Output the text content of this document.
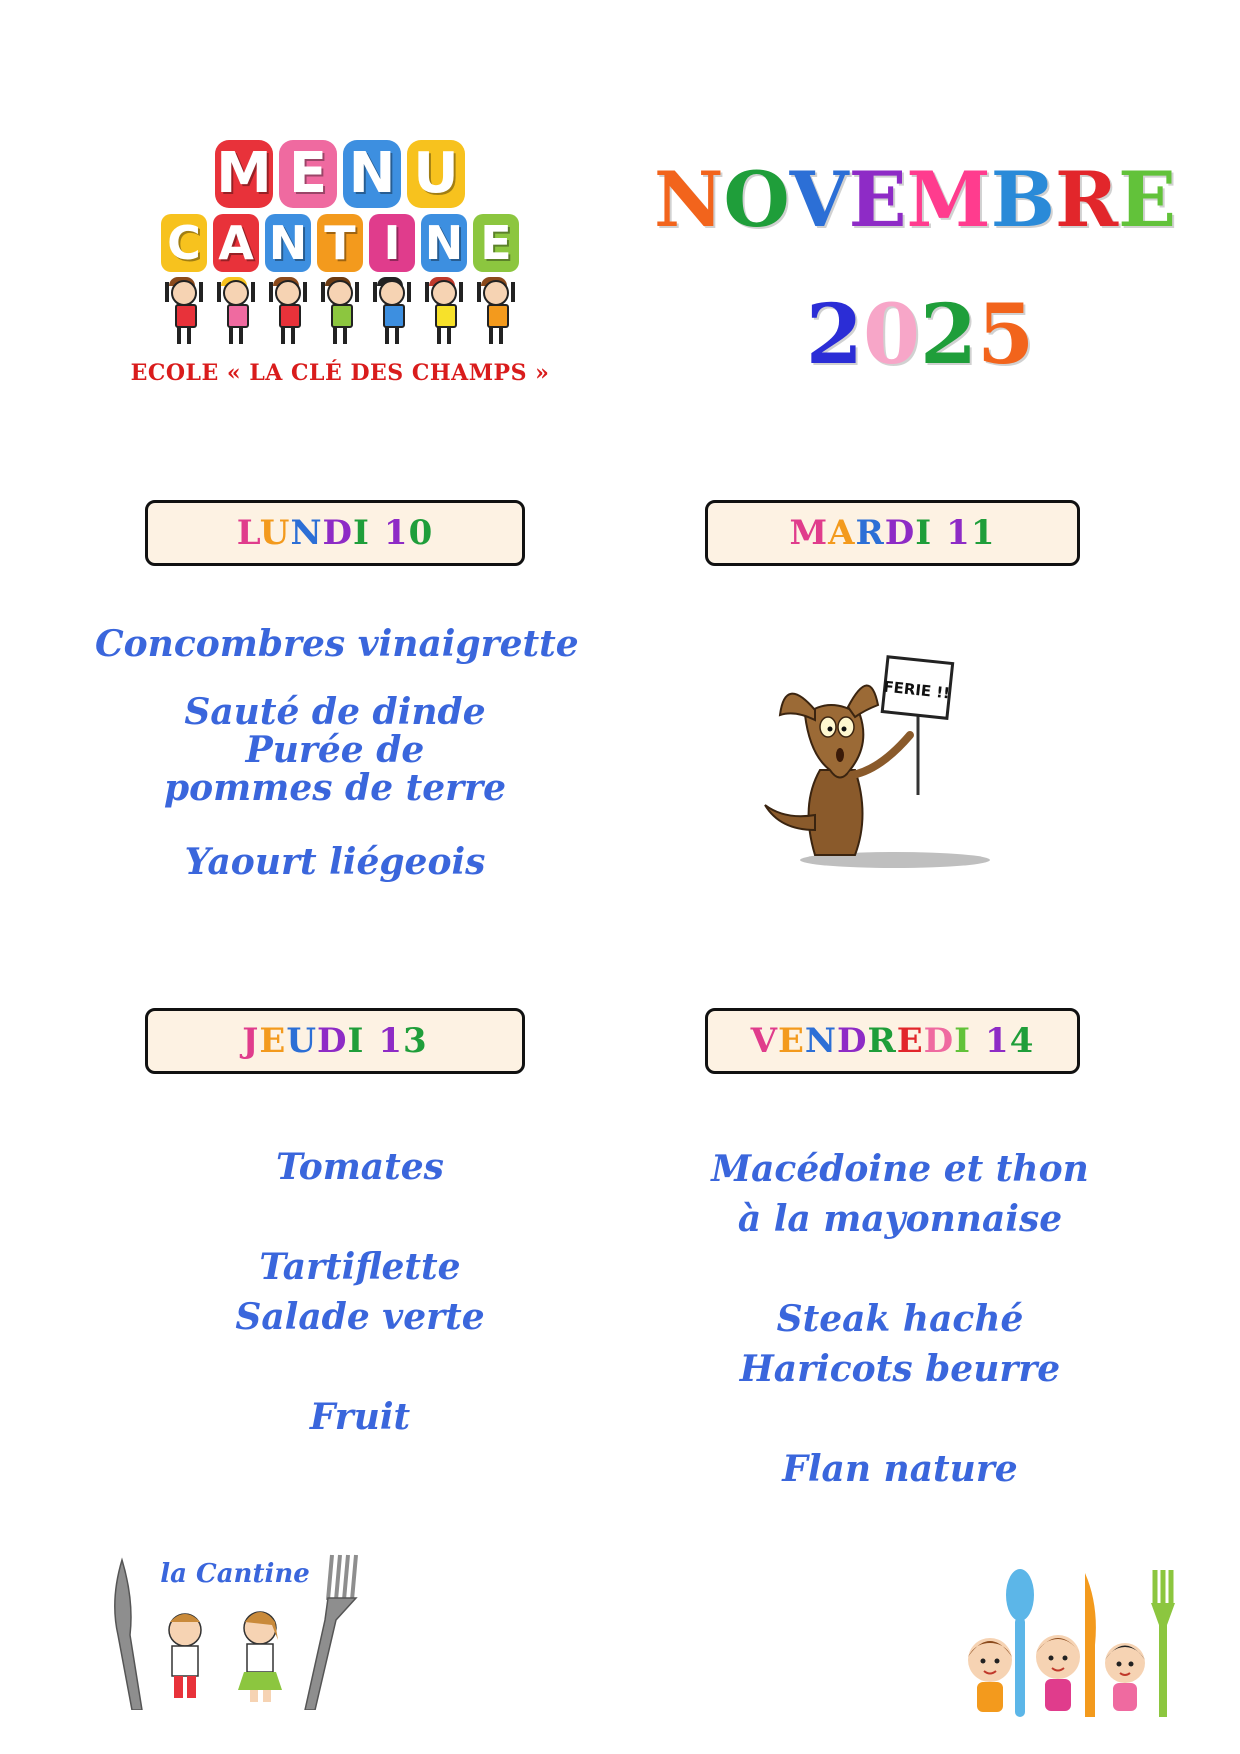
M E N U
C A N T I N E
ECOLE « LA CLÉ DES CHAMPS »
N O V E M B R E
2 0 2 5
LUNDI 10	MARDI 11
JEUDI 13	VENDREDI 14
Concombres vinaigrette
Sauté de dinde
Purée de
pommes de terre
Yaourt liégeois
Tomates
Tartiflette
Salade verte
Fruit
Macédoine et thon
à la mayonnaise
Steak haché
Haricots beurre
Flan nature
FERIE !!
la Cantine
